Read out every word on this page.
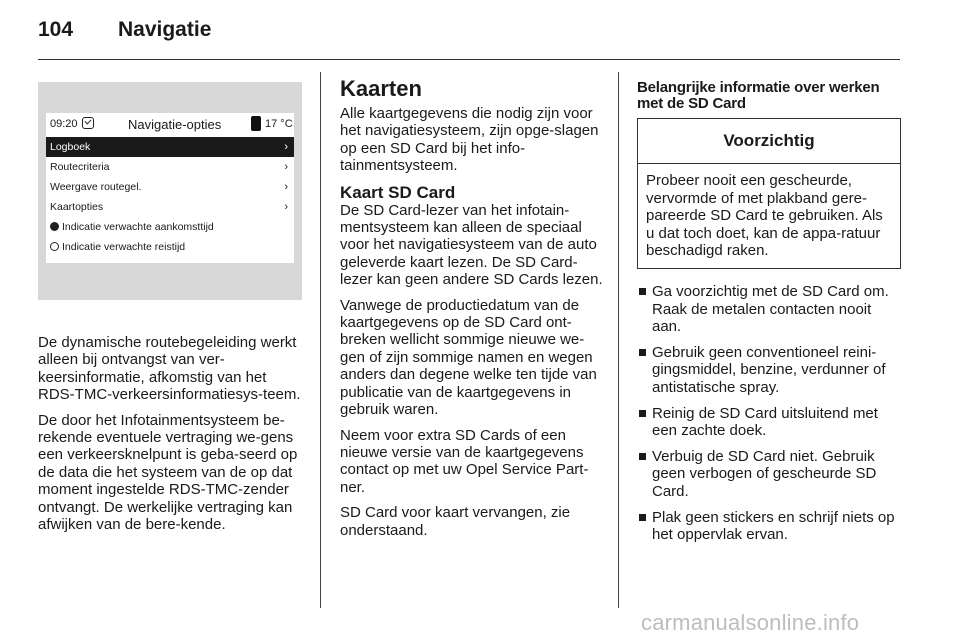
104 Navigatie
09:20	Navigatie-opties	17 °C
Logboek	›
Routecriteria	›
Weergave routegel.	›
Kaartopties	›
Indicatie verwachte aankomsttijd
Indicatie verwachte reistijd

De dynamische routebegeleiding werkt alleen bij ontvangst van ver-keersinformatie, afkomstig van het RDS-TMC-verkeersinformatiesys-teem.

De door het Infotainmentsysteem be-rekende eventuele vertraging we-gens een verkeersknelpunt is geba-seerd op de data die het systeem van de op dat moment ingestelde RDS-TMC-zender ontvangt. De werkelijke vertraging kan afwijken van de bere-kende.

Kaarten

Alle kaartgegevens die nodig zijn voor het navigatiesysteem, zijn opge-slagen op een SD Card bij het info-tainmentsysteem.

Kaart SD Card

De SD Card-lezer van het infotain-mentsysteem kan alleen de speciaal voor het navigatiesysteem van de auto geleverde kaart lezen. De SD Card-lezer kan geen andere SD Cards lezen.

Vanwege de productiedatum van de kaartgegevens op de SD Card ont-breken wellicht sommige nieuwe we-gen of zijn sommige namen en wegen anders dan degene welke ten tijde van publicatie van de kaartgegevens in gebruik waren.

Neem voor extra SD Cards of een nieuwe versie van de kaartgegevens contact op met uw Opel Service Part-ner.

SD Card voor kaart vervangen, zie onderstaand.

Belangrijke informatie over werken met de SD Card
Voorzichtig
Probeer nooit een gescheurde, vervormde of met plakband gere-pareerde SD Card te gebruiken. Als u dat toch doet, kan de appa-ratuur beschadigd raken.
Ga voorzichtig met de SD Card om. Raak de metalen contacten nooit aan.
Gebruik geen conventioneel reini-gingsmiddel, benzine, verdunner of antistatische spray.
Reinig de SD Card uitsluitend met een zachte doek.
Verbuig de SD Card niet. Gebruik geen verbogen of gescheurde SD Card.
Plak geen stickers en schrijf niets op het oppervlak ervan.
carmanualsonline.info
